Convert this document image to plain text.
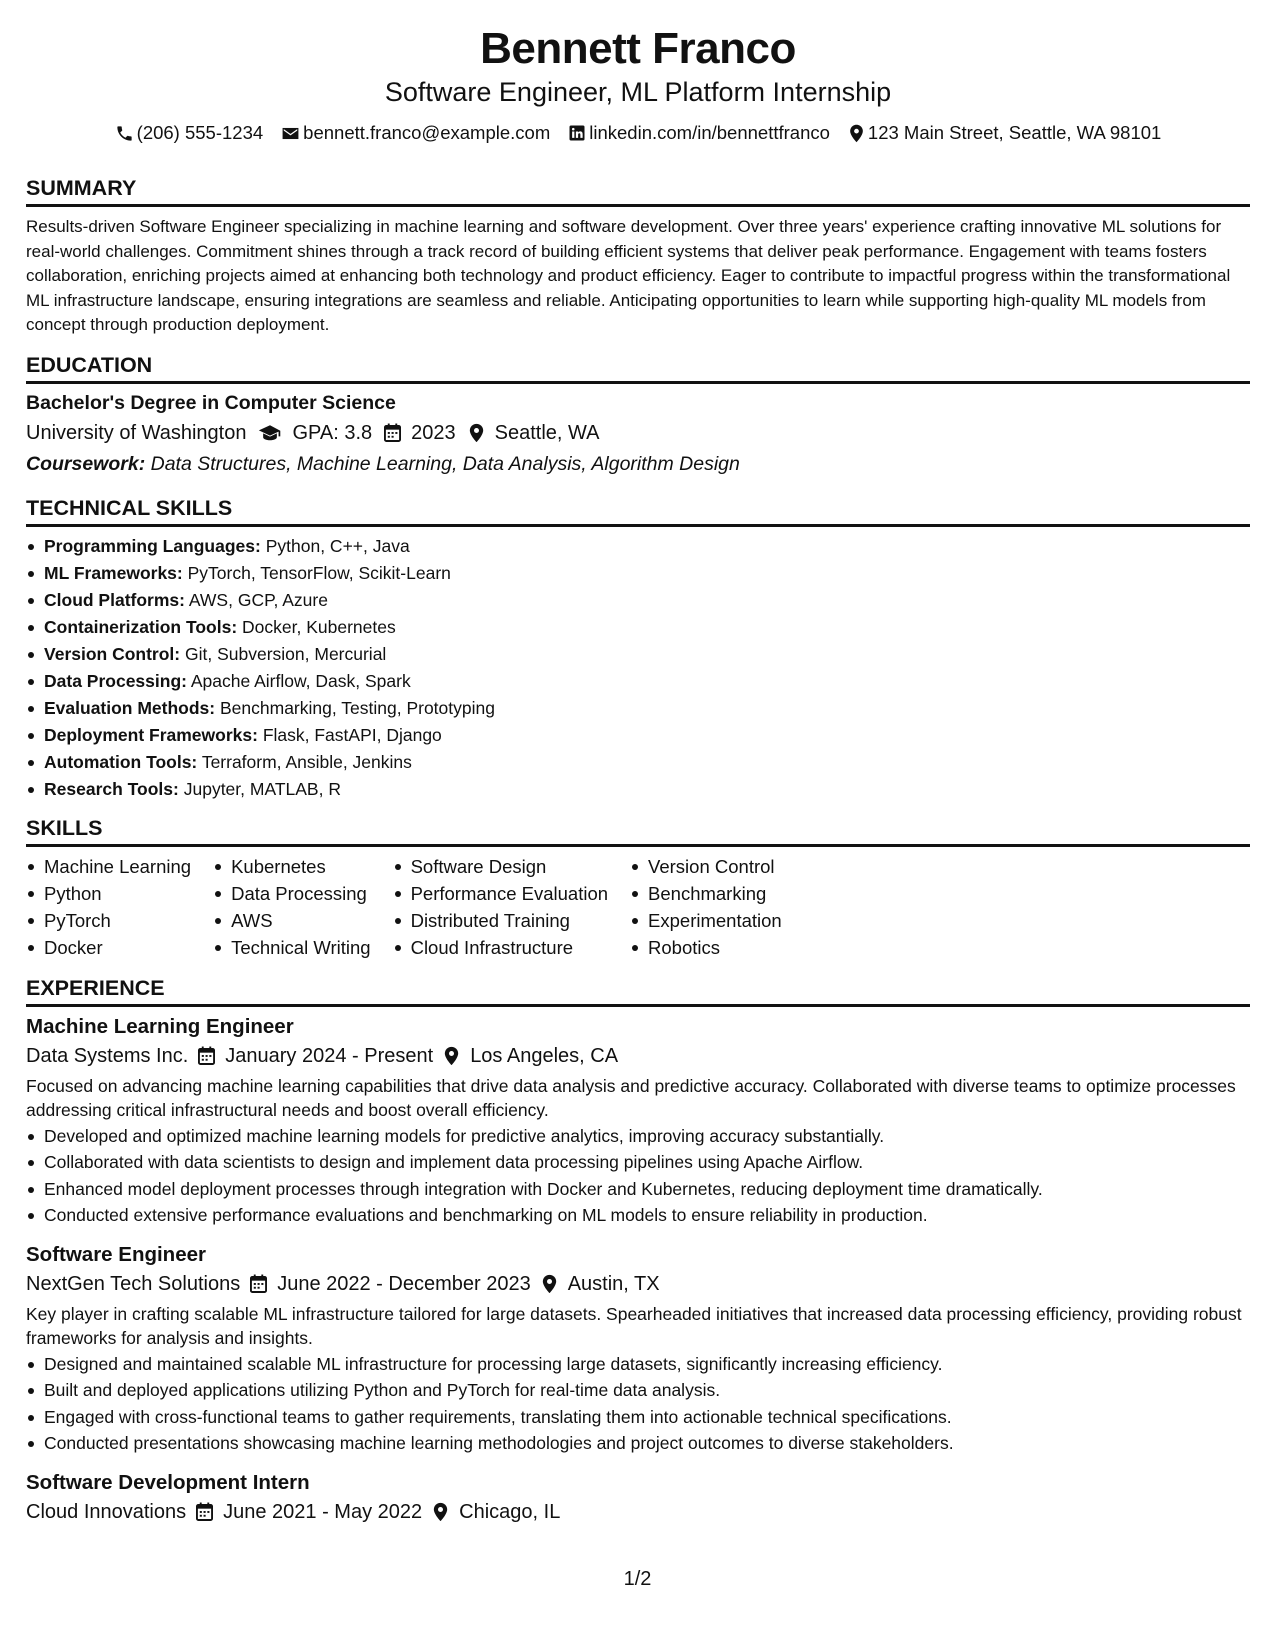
Bennett Franco
Software Engineer, ML Platform Internship
(206) 555-1234 bennett.franco@example.com linkedin.com/in/bennettfranco 123 Main Street, Seattle, WA 98101
SUMMARY

Results-driven Software Engineer specializing in machine learning and software development. Over three years' experience crafting innovative ML solutions for real-world challenges. Commitment shines through a track record of building efficient systems that deliver peak performance. Engagement with teams fosters collaboration, enriching projects aimed at enhancing both technology and product efficiency. Eager to contribute to impactful progress within the transformational ML infrastructure landscape, ensuring integrations are seamless and reliable. Anticipating opportunities to learn while supporting high-quality ML models from concept through production deployment.

EDUCATION
Bachelor's Degree in Computer Science
University of Washington GPA: 3.8 2023 Seattle, WA
Coursework: Data Structures, Machine Learning, Data Analysis, Algorithm Design
TECHNICAL SKILLS
Programming Languages: Python, C++, Java
ML Frameworks: PyTorch, TensorFlow, Scikit-Learn
Cloud Platforms: AWS, GCP, Azure
Containerization Tools: Docker, Kubernetes
Version Control: Git, Subversion, Mercurial
Data Processing: Apache Airflow, Dask, Spark
Evaluation Methods: Benchmarking, Testing, Prototyping
Deployment Frameworks: Flask, FastAPI, Django
Automation Tools: Terraform, Ansible, Jenkins
Research Tools: Jupyter, MATLAB, R
SKILLS
Machine Learning
Python
PyTorch
Docker
Kubernetes
Data Processing
AWS
Technical Writing
Software Design
Performance Evaluation
Distributed Training
Cloud Infrastructure
Version Control
Benchmarking
Experimentation
Robotics
EXPERIENCE
Machine Learning Engineer
Data Systems Inc. January 2024 - Present Los Angeles, CA

Focused on advancing machine learning capabilities that drive data analysis and predictive accuracy. Collaborated with diverse teams to optimize processes addressing critical infrastructural needs and boost overall efficiency.

Developed and optimized machine learning models for predictive analytics, improving accuracy substantially.
Collaborated with data scientists to design and implement data processing pipelines using Apache Airflow.
Enhanced model deployment processes through integration with Docker and Kubernetes, reducing deployment time dramatically.
Conducted extensive performance evaluations and benchmarking on ML models to ensure reliability in production.
Software Engineer
NextGen Tech Solutions June 2022 - December 2023 Austin, TX

Key player in crafting scalable ML infrastructure tailored for large datasets. Spearheaded initiatives that increased data processing efficiency, providing robust frameworks for analysis and insights.

Designed and maintained scalable ML infrastructure for processing large datasets, significantly increasing efficiency.
Built and deployed applications utilizing Python and PyTorch for real-time data analysis.
Engaged with cross-functional teams to gather requirements, translating them into actionable technical specifications.
Conducted presentations showcasing machine learning methodologies and project outcomes to diverse stakeholders.
Software Development Intern
Cloud Innovations June 2021 - May 2022 Chicago, IL
1/2
